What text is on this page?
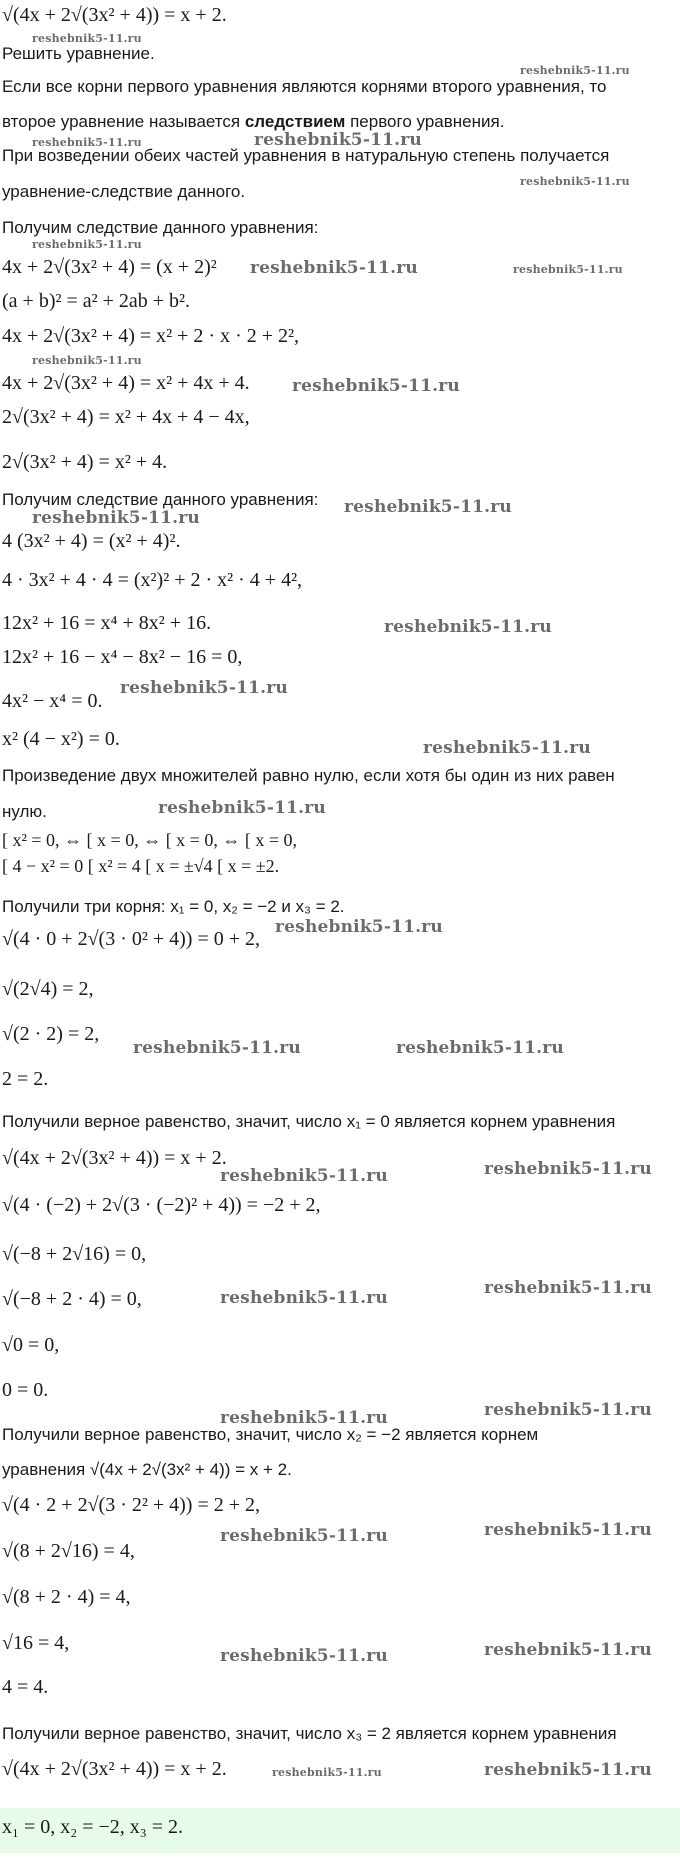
√(4x + 2√(3x² + 4)) = x + 2.
Решить уравнение.
Если все корни первого уравнения являются корнями второго уравнения, то
второе уравнение называется следствием первого уравнения.
При возведении обеих частей уравнения в натуральную степень получается
уравнение-следствие данного.
Получим следствие данного уравнения:
4x + 2√(3x² + 4) = (x + 2)²
(a + b)² = a² + 2ab + b².
4x + 2√(3x² + 4) = x² + 2 · x · 2 + 2²,
4x + 2√(3x² + 4) = x² + 4x + 4.
2√(3x² + 4) = x² + 4x + 4 − 4x,
2√(3x² + 4) = x² + 4.
Получим следствие данного уравнения:
4 (3x² + 4) = (x² + 4)².
4 · 3x² + 4 · 4 = (x²)² + 2 · x² · 4 + 4²,
12x² + 16 = x⁴ + 8x² + 16.
12x² + 16 − x⁴ − 8x² − 16 = 0,
4x² − x⁴ = 0.
x² (4 − x²) = 0.
Произведение двух множителей равно нулю, если хотя бы один из них равен
нулю.
[ x² = 0, ⇔ [ x = 0, ⇔ [ x = 0, ⇔ [ x = 0,
[ 4 − x² = 0 [ x² = 4 [ x = ±√4 [ x = ±2.
Получили три корня: x₁ = 0, x₂ = −2 и x₃ = 2.
√(4 · 0 + 2√(3 · 0² + 4)) = 0 + 2,
√(2√4) = 2,
√(2 · 2) = 2,
2 = 2.
Получили верное равенство, значит, число x₁ = 0 является корнем уравнения
√(4x + 2√(3x² + 4)) = x + 2.
√(4 · (−2) + 2√(3 · (−2)² + 4)) = −2 + 2,
√(−8 + 2√16) = 0,
√(−8 + 2 · 4) = 0,
√0 = 0,
0 = 0.
Получили верное равенство, значит, число x₂ = −2 является корнем
уравнения √(4x + 2√(3x² + 4)) = x + 2.
√(4 · 2 + 2√(3 · 2² + 4)) = 2 + 2,
√(8 + 2√16) = 4,
√(8 + 2 · 4) = 4,
√16 = 4,
4 = 4.
Получили верное равенство, значит, число x₃ = 2 является корнем уравнения
√(4x + 2√(3x² + 4)) = x + 2.
x₁ = 0, x₂ = −2, x₃ = 2.
reshebnik5-11.ru
reshebnik5-11.ru
reshebnik5-11.ru	reshebnik5-11.ru
reshebnik5-11.ru
reshebnik5-11.ru
reshebnik5-11.ru	reshebnik5-11.ru
reshebnik5-11.ru
reshebnik5-11.ru
reshebnik5-11.ru
reshebnik5-11.ru
reshebnik5-11.ru
reshebnik5-11.ru
reshebnik5-11.ru
reshebnik5-11.ru
reshebnik5-11.ru
reshebnik5-11.ru	reshebnik5-11.ru
reshebnik5-11.ru	reshebnik5-11.ru
reshebnik5-11.ru	reshebnik5-11.ru
reshebnik5-11.ru	reshebnik5-11.ru
reshebnik5-11.ru	reshebnik5-11.ru
reshebnik5-11.ru	reshebnik5-11.ru
reshebnik5-11.ru	reshebnik5-11.ru
